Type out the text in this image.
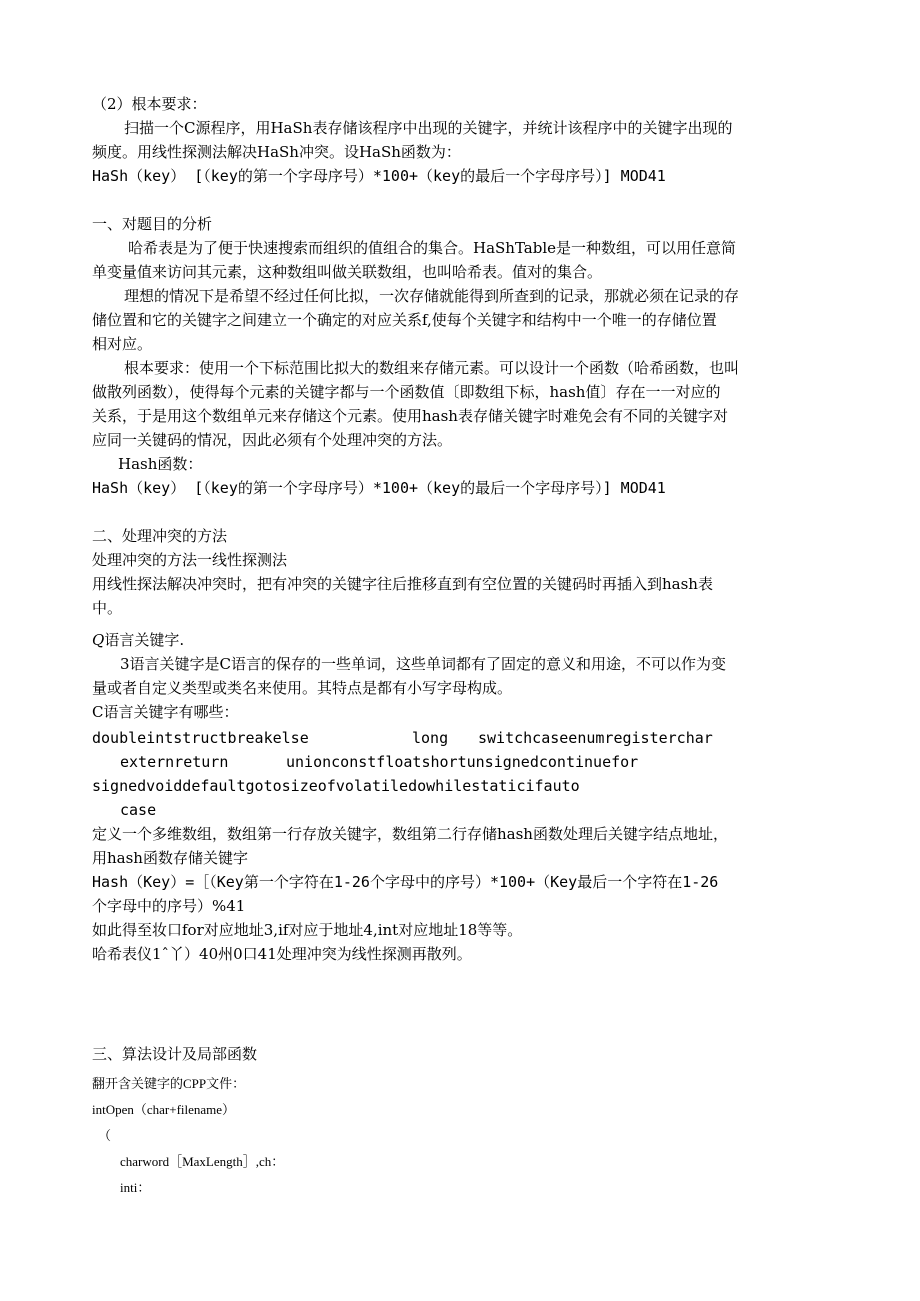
（2）根本要求：
扫描一个C源程序，用HaSh表存储该程序中出现的关键字，并统计该程序中的关键字出现的
频度。用线性探测法解决HaSh冲突。设HaSh函数为：
HaSh（key） [（key的第一个字母序号）*100+（key的最后一个字母序号）] MOD41
一、对题目的分析
哈希表是为了便于快速搜索而组织的值组合的集合。HaShTable是一种数组，可以用任意简
单变量值来访问其元素，这种数组叫做关联数组，也叫哈希表。值对的集合。
理想的情况下是希望不经过任何比拟，一次存储就能得到所查到的记录，那就必须在记录的存
储位置和它的关键字之间建立一个确定的对应关系f,使每个关键字和结构中一个唯一的存储位置
相对应。
根本要求：使用一个下标范围比拟大的数组来存储元素。可以设计一个函数（哈希函数，也叫
做散列函数），使得每个元素的关键字都与一个函数值〔即数组下标，hash值〕存在一一对应的
关系，于是用这个数组单元来存储这个元素。使用hash表存储关键字时难免会有不同的关键字对
应同一关键码的情况，因此必须有个处理冲突的方法。
Hash函数：
HaSh（key） [（key的第一个字母序号）*100+（key的最后一个字母序号）] MOD41
二、处理冲突的方法
处理冲突的方法一线性探测法
用线性探法解决冲突时，把有冲突的关键字往后推移直到有空位置的关键码时再插入到hash表
中。
Q语言关键字.
3语言关键字是C语言的保存的一些单词，这些单词都有了固定的意义和用途，不可以作为变
量或者自定义类型或类名来使用。其特点是都有小写字母构成。
C语言关键字有哪些：
doubleintstructbreakelse	long switchcaseenumregisterchar
externreturn	unionconstfloatshortunsignedcontinuefor
signedvoiddefaultgotosizeofvolatiledowhilestaticifauto
case
定义一个多维数组，数组第一行存放关键字，数组第二行存储hash函数处理后关键字结点地址，
用hash函数存储关键字
Hash（Key）=［（Key第一个字符在1-26个字母中的序号）*100+（Key最后一个字符在1-26
个字母中的序号）%41
如此得至妆口for对应地址3,if对应于地址4,int对应地址18等等。
哈希表仪1ˆ丫）40州0口41处理冲突为线性探测再散列。
三、算法设计及局部函数
翻开含关键字的CPP文件：
intOpen（char+filename）
（
charword［MaxLength］,ch：
inti：
